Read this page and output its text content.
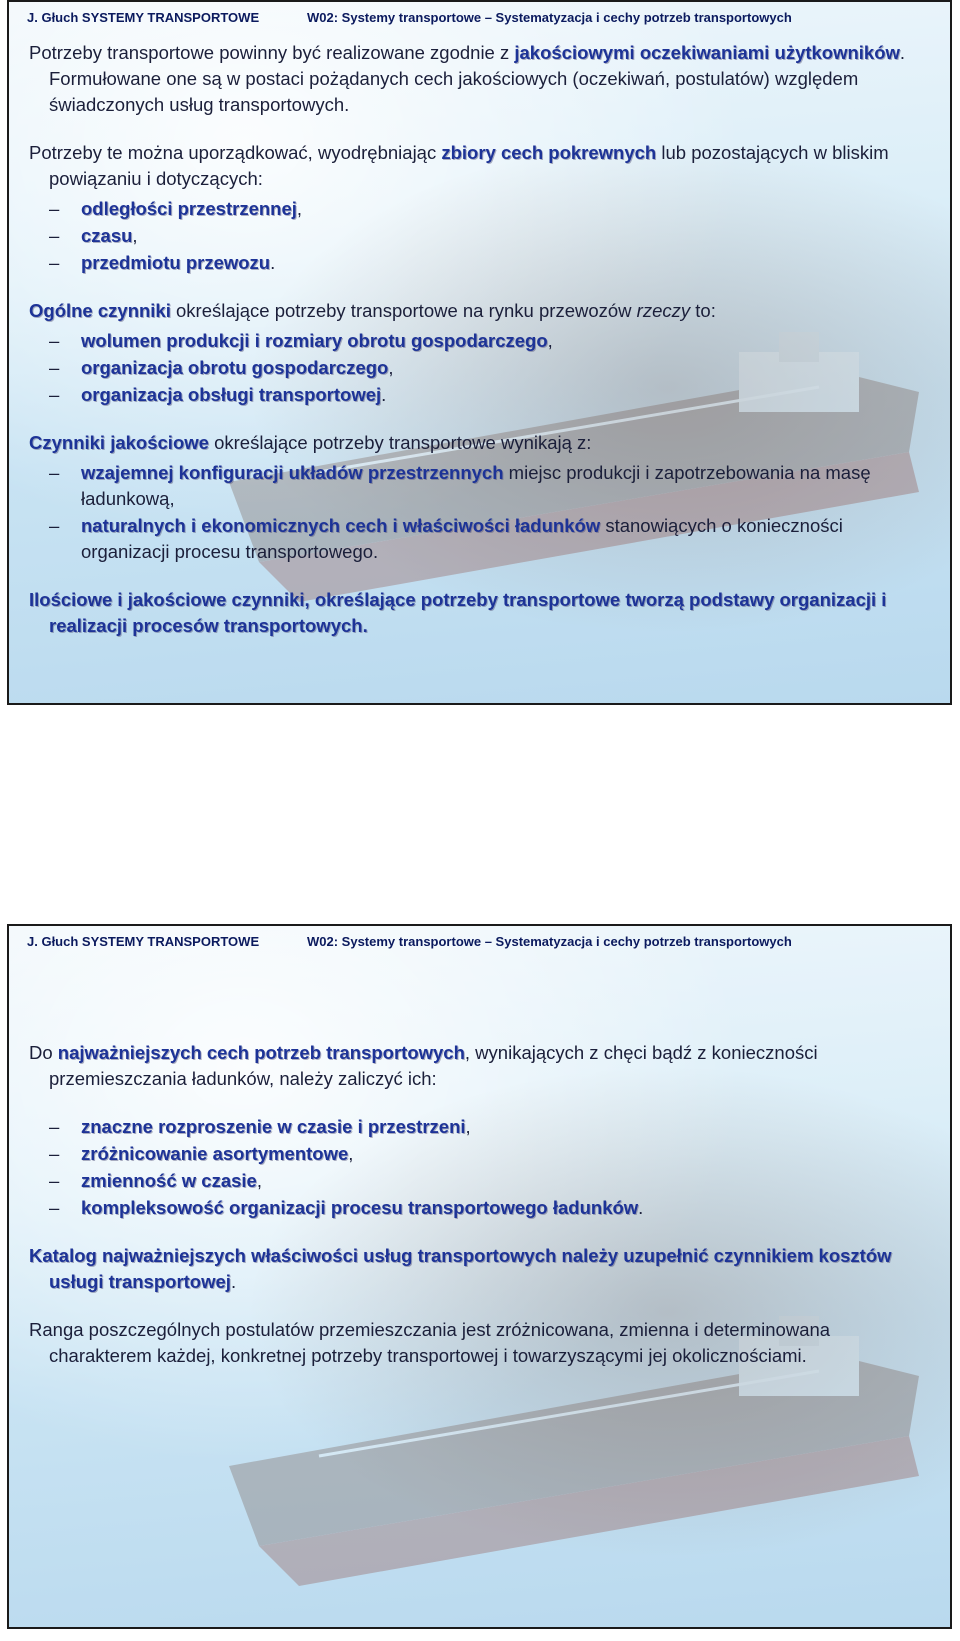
J. Głuch SYSTEMY TRANSPORTOWE	W02: Systemy transportowe – Systematyzacja i cechy potrzeb transportowych

Potrzeby transportowe powinny być realizowane zgodnie z jakościowymi oczekiwaniami użytkowników. Formułowane one są w postaci pożądanych cech jakościowych (oczekiwań, postulatów) względem świadczonych usług transportowych.

Potrzeby te można uporządkować, wyodrębniając zbiory cech pokrewnych lub pozostających w bliskim powiązaniu i dotyczących:

– odległości przestrzennej,
– czasu,
– przedmiotu przewozu.

Ogólne czynniki określające potrzeby transportowe na rynku przewozów rzeczy to:

– wolumen produkcji i rozmiary obrotu gospodarczego,
– organizacja obrotu gospodarczego,
– organizacja obsługi transportowej.

Czynniki jakościowe określające potrzeby transportowe wynikają z:

– wzajemnej konfiguracji układów przestrzennych miejsc produkcji i zapotrzebowania na masę ładunkową,
– naturalnych i ekonomicznych cech i właściwości ładunków stanowiących o konieczności organizacji procesu transportowego.

Ilościowe i jakościowe czynniki, określające potrzeby transportowe tworzą podstawy organizacji i realizacji procesów transportowych.

J. Głuch SYSTEMY TRANSPORTOWE	W02: Systemy transportowe – Systematyzacja i cechy potrzeb transportowych

Do najważniejszych cech potrzeb transportowych, wynikających z chęci bądź z konieczności przemieszczania ładunków, należy zaliczyć ich:

– znaczne rozproszenie w czasie i przestrzeni,
– zróżnicowanie asortymentowe,
– zmienność w czasie,
– kompleksowość organizacji procesu transportowego ładunków.

Katalog najważniejszych właściwości usług transportowych należy uzupełnić czynnikiem kosztów usługi transportowej.

Ranga poszczególnych postulatów przemieszczania jest zróżnicowana, zmienna i determinowana charakterem każdej, konkretnej potrzeby transportowej i towarzyszącymi jej okolicznościami.
